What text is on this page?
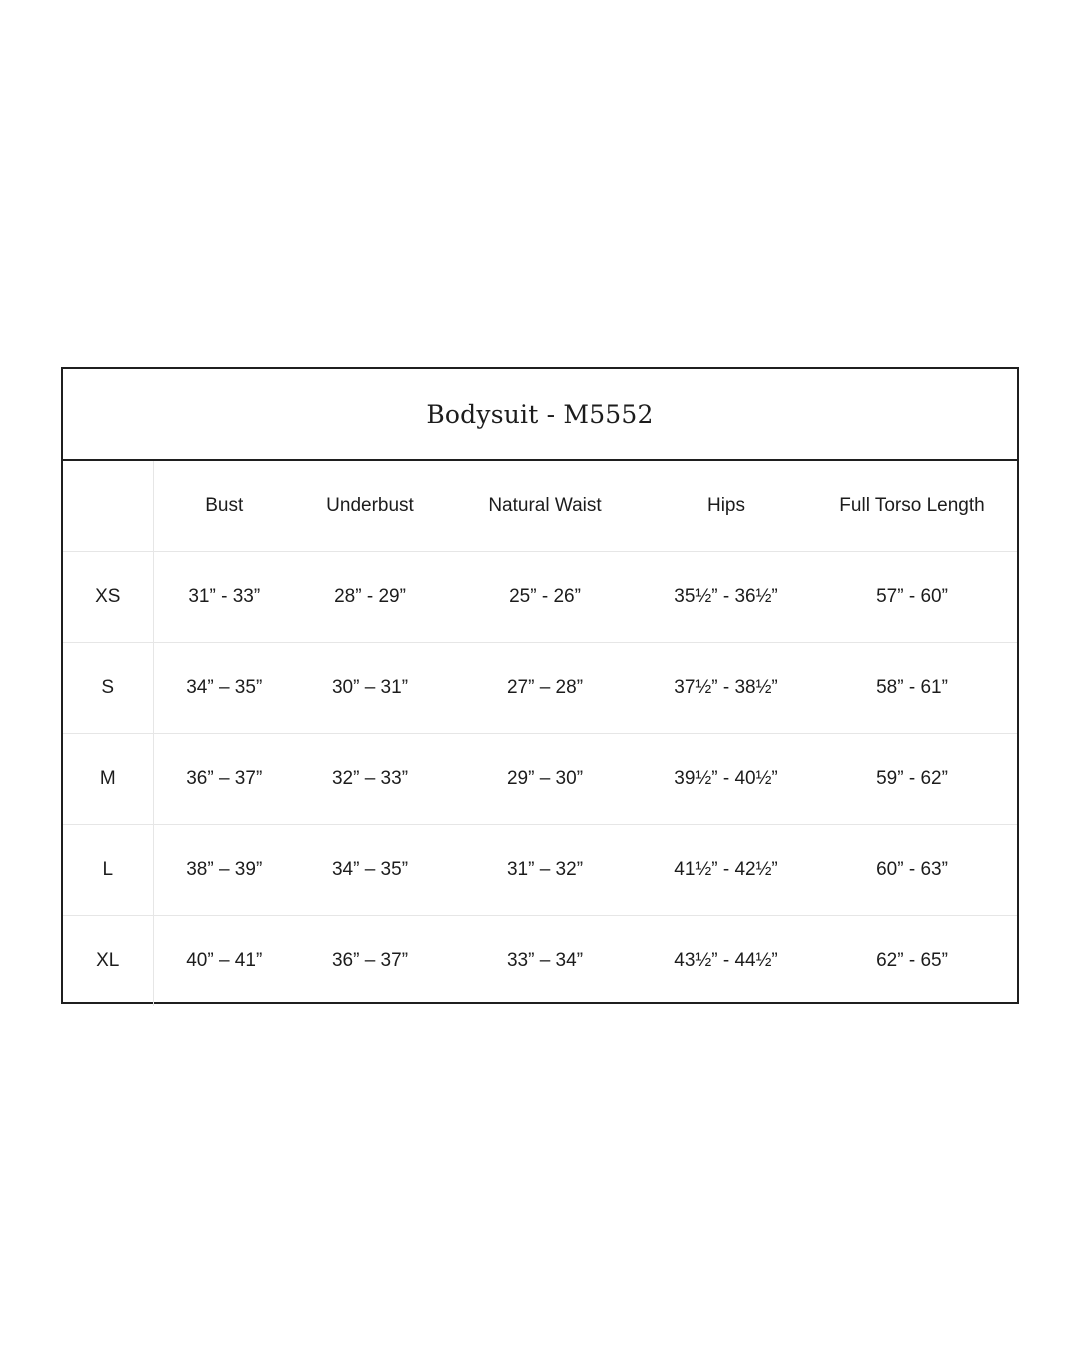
Bodysuit - M5552
	Bust	Underbust	Natural Waist	Hips	Full Torso Length
XS	31” - 33”	28” - 29”	25” - 26”	35½” - 36½”	57” - 60”
S	34” – 35”	30” – 31”	27” – 28”	37½” - 38½”	58” - 61”
M	36” – 37”	32” – 33”	29” – 30”	39½” - 40½”	59” - 62”
L	38” – 39”	34” – 35”	31” – 32”	41½” - 42½”	60” - 63”
XL	40” – 41”	36” – 37”	33” – 34”	43½” - 44½”	62” - 65”
